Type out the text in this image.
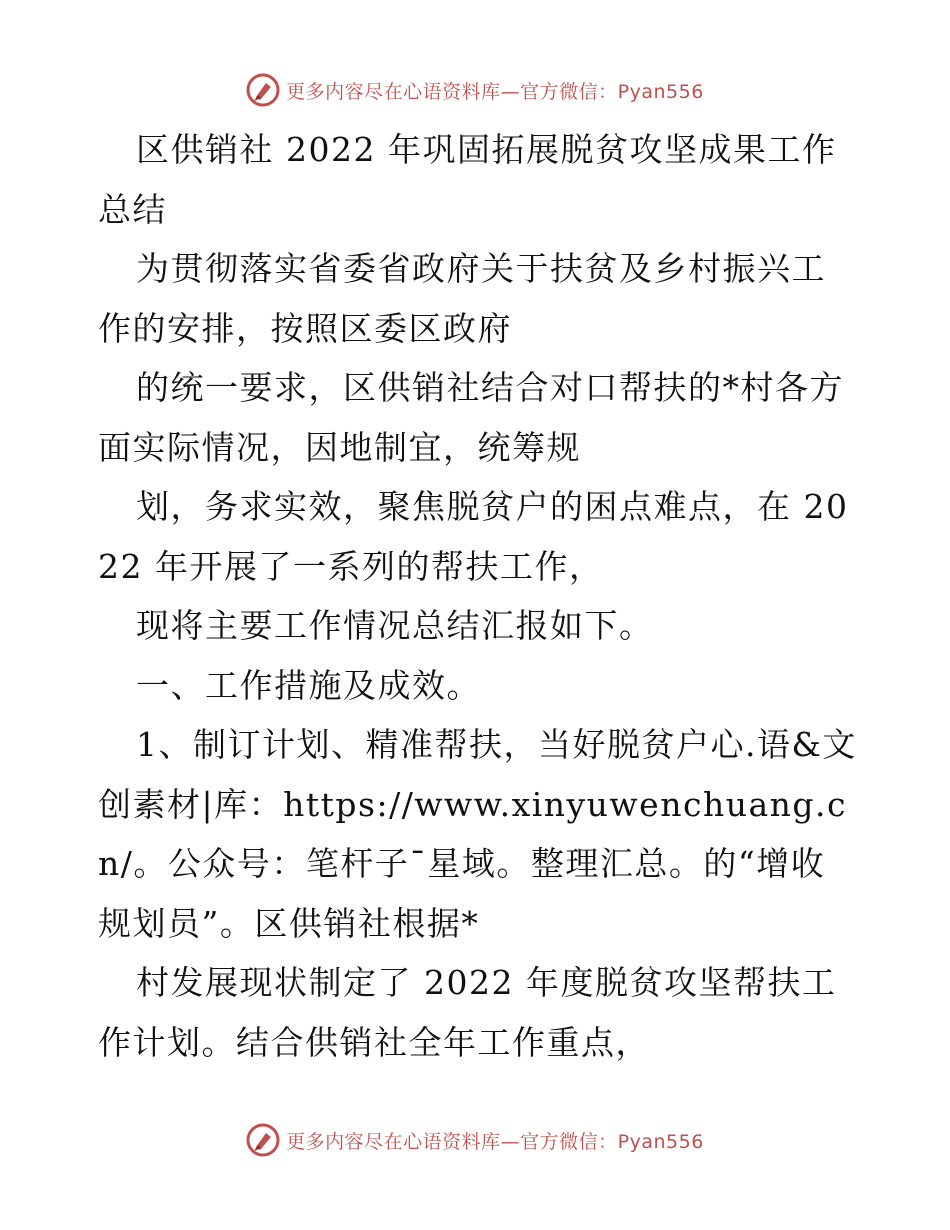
更多内容尽在心语资料库—官方微信：Pyan556

区供销社 2022 年巩固拓展脱贫攻坚成果工作总结

为贯彻落实省委省政府关于扶贫及乡村振兴工作的安排，按照区委区政府

的统一要求，区供销社结合对口帮扶的*村各方面实际情况，因地制宜，统筹规

划，务求实效，聚焦脱贫户的困点难点，在 2022 年开展了一系列的帮扶工作，

现将主要工作情况总结汇报如下。

一、工作措施及成效。

1、制订计划、精准帮扶，当好脱贫户心.语&文创素材|库：https://www.xinyuwenchuang.cn/。公众号：笔杆子¯星域。整理汇总。的“增收规划员”。区供销社根据*

村发展现状制定了 2022 年度脱贫攻坚帮扶工作计划。结合供销社全年工作重点，

更多内容尽在心语资料库—官方微信：Pyan556
